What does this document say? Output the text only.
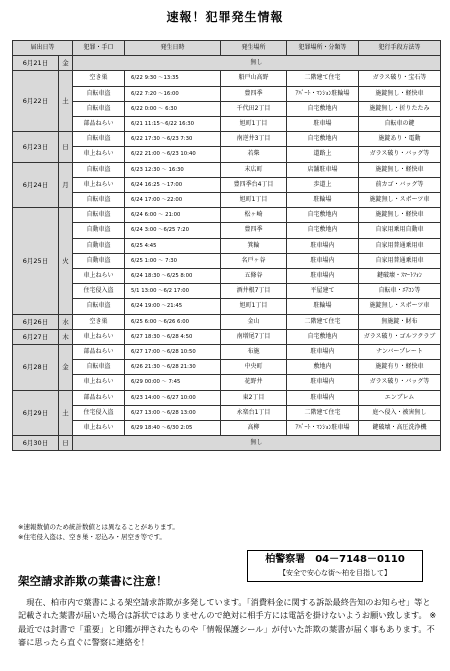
速報！犯罪発生情報
届出日等		犯罪・手口	発生日時	発生場所	犯罪場所・分類等	犯行手段方法等
6月21日	金	無し				
6月22日	土	空き巣	6/22 9:30 ～13:35	船戸山高野	二階建て住宅	ガラス破り・宝石等
		自転車盗	6/22 7:20 ～16:00	豊四季	ｱﾊﾟｰﾄ・ﾏﾝｼｮﾝ駐輪場	施錠無し・軽快車
		自転車盗	6/22 0:00 ～ 6:30	千代田2丁目	自宅敷地内	施錠無し・折りたたみ
		部品ねらい	6/21 11:15～6/22 16:30	旭町1丁目	駐車場	自転車の鍵
6月23日	日	自転車盗	6/22 17:30 ～6/23 7:30	南逆井3丁目	自宅敷地内	施錠あり・電動
		車上ねらい	6/22 21:00 ～6/23 10:40	若柴	道路上	ガラス破り・バッグ等
6月24日	月	自転車盗	6/23 12:30 ～ 16:30	末広町	店舗駐車場	施錠無し・軽快車
		車上ねらい	6/24 16:25 ～17:00	豊四季台4丁目	歩道上	前カゴ・バッグ等
		自転車盗	6/24 17:00 ～22:00	旭町1丁目	駐輪場	施錠無し・スポーツ車
6月25日	火	自転車盗	6/24 6:00 ～ 21:00	松ヶ崎	自宅敷地内	施錠無し・軽快車
		自動車盗	6/24 3:00 ～6/25 7:20	豊四季	自宅敷地内	自家用乗用自動車
		自動車盗	6/25 4:45	箕輪	駐車場内	自家用普通乗用車
		自動車盗	6/25 1:00 ～ 7:30	名戸ヶ谷	駐車場内	自家用普通乗用車
		車上ねらい	6/24 18:30 ～6/25 8:00	五條谷	駐車場内	鍵破壊・ｽﾏｰﾄﾌｫﾝ
		住宅侵入盗	5/1 13:00 ～6/2 17:00	酒井根7丁目	平屋建て	自転車・ｴｱｺﾝ等
		自転車盗	6/24 19:00 ～21:45	旭町1丁目	駐輪場	施錠無し・スポーツ車
6月26日	水	空き巣	6/25 6:00 ～6/26 6:00	金山	二階建て住宅	無施錠・財布
6月27日	木	車上ねらい	6/27 18:30 ～6/28 4:50	南増尾7丁目	自宅敷地内	ガラス破り・ゴルフクラブ
6月28日	金	部品ねらい	6/27 17:00 ～6/28 10:50	布施	駐車場内	ナンバープレート
		自転車盗	6/26 21:30 ～6/28 21:30	中央町	敷地内	施錠有り・軽快車
		車上ねらい	6/29 00:00 ～ 7:45	花野井	駐車場内	ガラス破り・バッグ等
6月29日	土	部品ねらい	6/23 14:00 ～6/27 10:00	東2丁目	駐車場内	エンブレム
		住宅侵入盗	6/27 13:00 ～6/28 13:00	永楽台1丁目	二階建て住宅	庭へ侵入・被害無し
		車上ねらい	6/29 18:40 ～6/30 2:05	高柳	ｱﾊﾟｰﾄ・ﾏﾝｼｮﾝ駐車場	鍵破壊・高圧洗浄機
6月30日	日	無し				
※速報数値のため統計数値とは異なることがあります。
※住宅侵入盗は、空き巣・忍込み・居空き等です。
柏警察署　04－7148－0110
【安全で安心な街～柏を目指して】
架空請求詐欺の葉書に注意！
現在、柏市内で葉書による架空請求詐欺が多発しています。「消費料金に関する訴訟最終告知のお知らせ」等と記載された葉書が届いた場合は訴状ではありませんので絶対に相手方には電話を掛けないようお願い致します。 ※ 最近では封書で「重要」と印鑑が押されたものや「情報保護シール」が付いた詐欺の葉書が届く事もあります。不審に思ったら直ぐに警察に連絡を！
